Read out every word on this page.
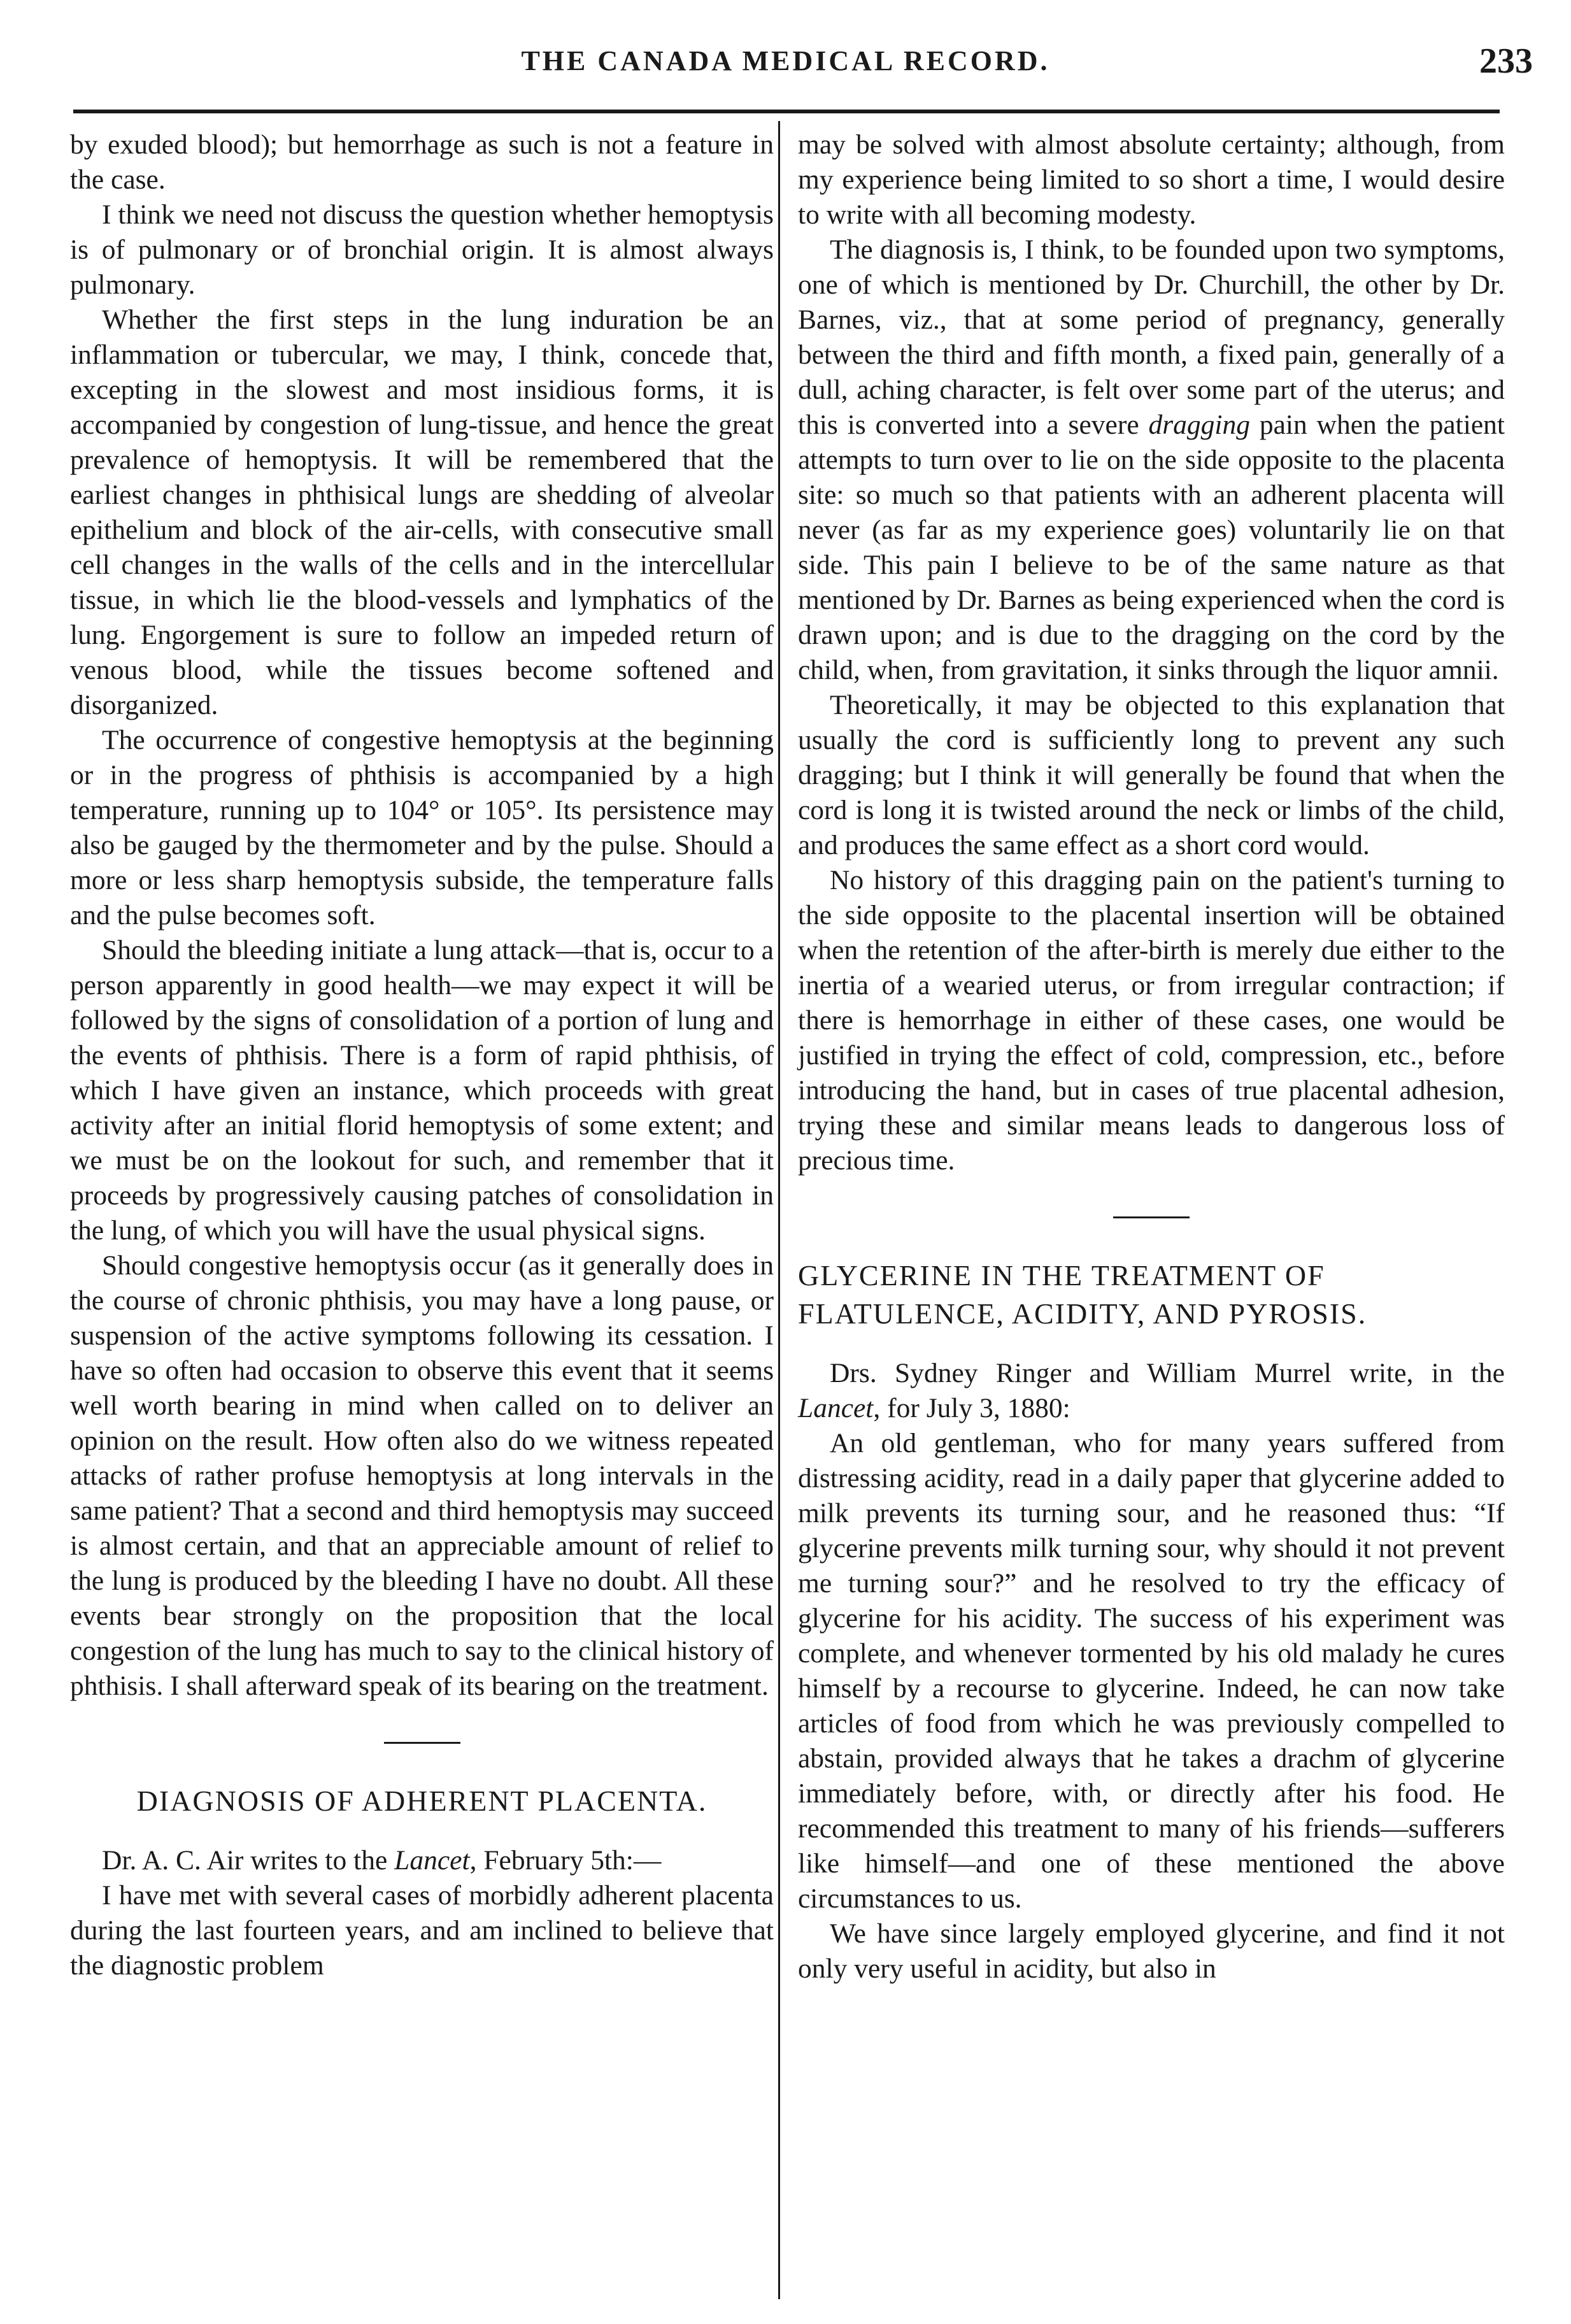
THE CANADA MEDICAL RECORD.	233

by exuded blood); but hemorrhage as such is not a feature in the case.

I think we need not discuss the question whether hemoptysis is of pulmonary or of bronchial origin. It is almost always pulmonary.

Whether the first steps in the lung induration be an inflammation or tubercular, we may, I think, concede that, excepting in the slowest and most insidious forms, it is accompanied by congestion of lung-tissue, and hence the great prevalence of hemoptysis. It will be remembered that the earliest changes in phthisical lungs are shedding of alveolar epithelium and block of the air-cells, with consecutive small cell changes in the walls of the cells and in the intercellular tissue, in which lie the blood-vessels and lymphatics of the lung. Engorgement is sure to follow an impeded return of venous blood, while the tissues become softened and disorganized.

The occurrence of congestive hemoptysis at the beginning or in the progress of phthisis is accompanied by a high temperature, running up to 104° or 105°. Its persistence may also be gauged by the thermometer and by the pulse. Should a more or less sharp hemoptysis subside, the temperature falls and the pulse becomes soft.

Should the bleeding initiate a lung attack—that is, occur to a person apparently in good health—we may expect it will be followed by the signs of consolidation of a portion of lung and the events of phthisis. There is a form of rapid phthisis, of which I have given an instance, which proceeds with great activity after an initial florid hemoptysis of some extent; and we must be on the lookout for such, and remember that it proceeds by progressively causing patches of consolidation in the lung, of which you will have the usual physical signs.

Should congestive hemoptysis occur (as it generally does in the course of chronic phthisis, you may have a long pause, or suspension of the active symptoms following its cessation. I have so often had occasion to observe this event that it seems well worth bearing in mind when called on to deliver an opinion on the result. How often also do we witness repeated attacks of rather profuse hemoptysis at long intervals in the same patient? That a second and third hemoptysis may succeed is almost certain, and that an appreciable amount of relief to the lung is produced by the bleeding I have no doubt. All these events bear strongly on the proposition that the local congestion of the lung has much to say to the clinical history of phthisis. I shall afterward speak of its bearing on the treatment.

DIAGNOSIS OF ADHERENT PLACENTA.

Dr. A. C. Air writes to the Lancet, February 5th:—

I have met with several cases of morbidly adherent placenta during the last fourteen years, and am inclined to believe that the diagnostic problem

may be solved with almost absolute certainty; although, from my experience being limited to so short a time, I would desire to write with all becoming modesty.

The diagnosis is, I think, to be founded upon two symptoms, one of which is mentioned by Dr. Churchill, the other by Dr. Barnes, viz., that at some period of pregnancy, generally between the third and fifth month, a fixed pain, generally of a dull, aching character, is felt over some part of the uterus; and this is converted into a severe dragging pain when the patient attempts to turn over to lie on the side opposite to the placenta site: so much so that patients with an adherent placenta will never (as far as my experience goes) voluntarily lie on that side. This pain I believe to be of the same nature as that mentioned by Dr. Barnes as being experienced when the cord is drawn upon; and is due to the dragging on the cord by the child, when, from gravitation, it sinks through the liquor amnii.

Theoretically, it may be objected to this explanation that usually the cord is sufficiently long to prevent any such dragging; but I think it will generally be found that when the cord is long it is twisted around the neck or limbs of the child, and produces the same effect as a short cord would.

No history of this dragging pain on the patient's turning to the side opposite to the placental insertion will be obtained when the retention of the after-birth is merely due either to the inertia of a wearied uterus, or from irregular contraction; if there is hemorrhage in either of these cases, one would be justified in trying the effect of cold, compression, etc., before introducing the hand, but in cases of true placental adhesion, trying these and similar means leads to dangerous loss of precious time.

GLYCERINE IN THE TREATMENT OF FLATULENCE, ACIDITY, AND PYROSIS.

Drs. Sydney Ringer and William Murrel write, in the Lancet, for July 3, 1880:

An old gentleman, who for many years suffered from distressing acidity, read in a daily paper that glycerine added to milk prevents its turning sour, and he reasoned thus: “If glycerine prevents milk turning sour, why should it not prevent me turning sour?” and he resolved to try the efficacy of glycerine for his acidity. The success of his experiment was complete, and whenever tormented by his old malady he cures himself by a recourse to glycerine. Indeed, he can now take articles of food from which he was previously compelled to abstain, provided always that he takes a drachm of glycerine immediately before, with, or directly after his food. He recommended this treatment to many of his friends—sufferers like himself—and one of these mentioned the above circumstances to us.

We have since largely employed glycerine, and find it not only very useful in acidity, but also in
